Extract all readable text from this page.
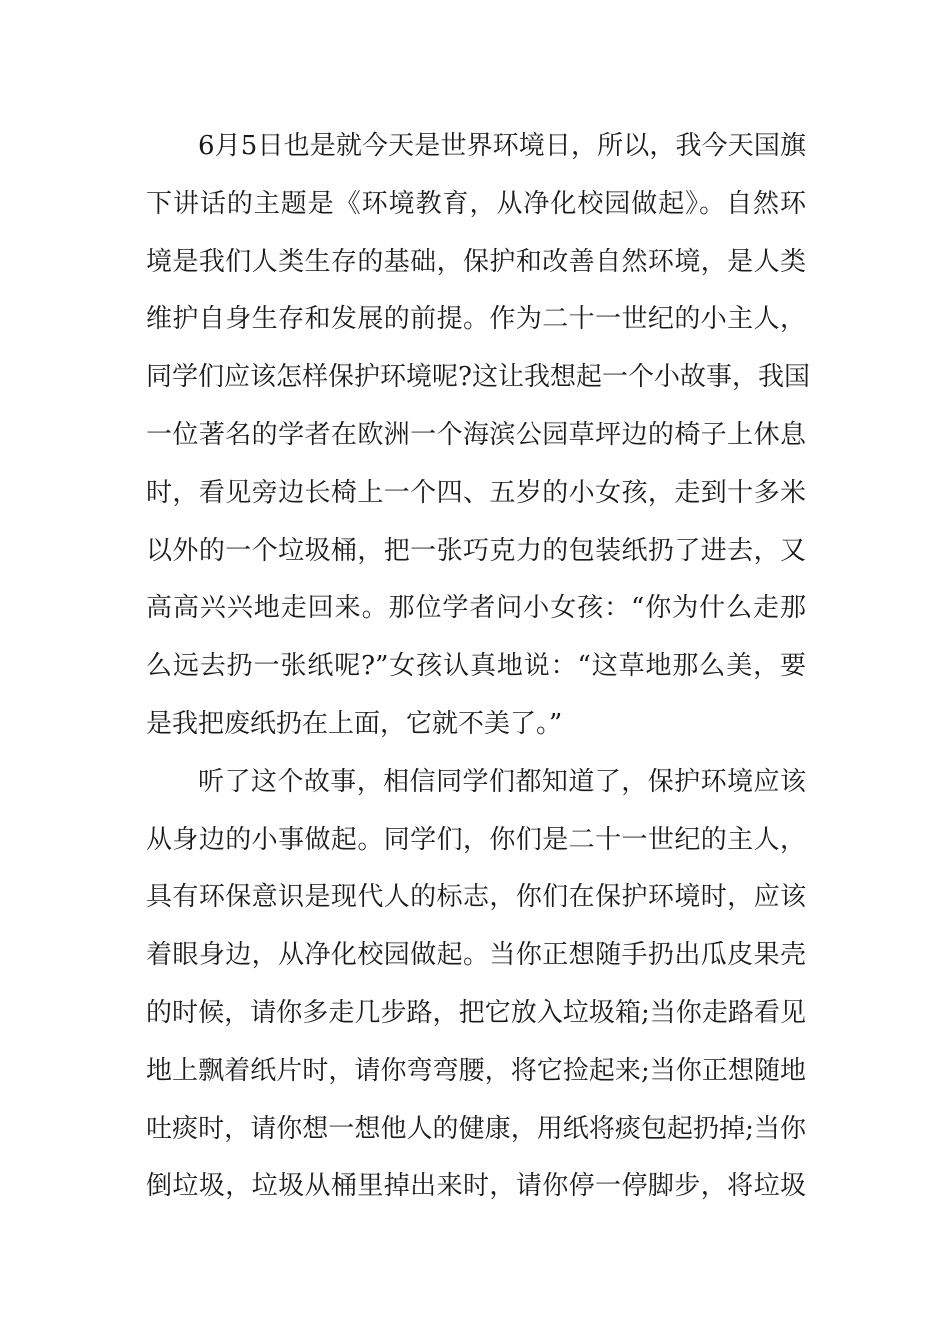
6月5日也是就今天是世界环境日，所以，我今天国旗
下讲话的主题是《环境教育，从净化校园做起》。自然环
境是我们人类生存的基础，保护和改善自然环境，是人类
维护自身生存和发展的前提。作为二十一世纪的小主人，
同学们应该怎样保护环境呢?这让我想起一个小故事，我国
一位著名的学者在欧洲一个海滨公园草坪边的椅子上休息
时，看见旁边长椅上一个四、五岁的小女孩，走到十多米
以外的一个垃圾桶，把一张巧克力的包装纸扔了进去，又
高高兴兴地走回来。那位学者问小女孩：“你为什么走那
么远去扔一张纸呢?”女孩认真地说：“这草地那么美，要
是我把废纸扔在上面，它就不美了。”
听了这个故事，相信同学们都知道了，保护环境应该
从身边的小事做起。同学们，你们是二十一世纪的主人，
具有环保意识是现代人的标志，你们在保护环境时，应该
着眼身边，从净化校园做起。当你正想随手扔出瓜皮果壳
的时候，请你多走几步路，把它放入垃圾箱;当你走路看见
地上飘着纸片时，请你弯弯腰，将它捡起来;当你正想随地
吐痰时，请你想一想他人的健康，用纸将痰包起扔掉;当你
倒垃圾，垃圾从桶里掉出来时，请你停一停脚步，将垃圾
